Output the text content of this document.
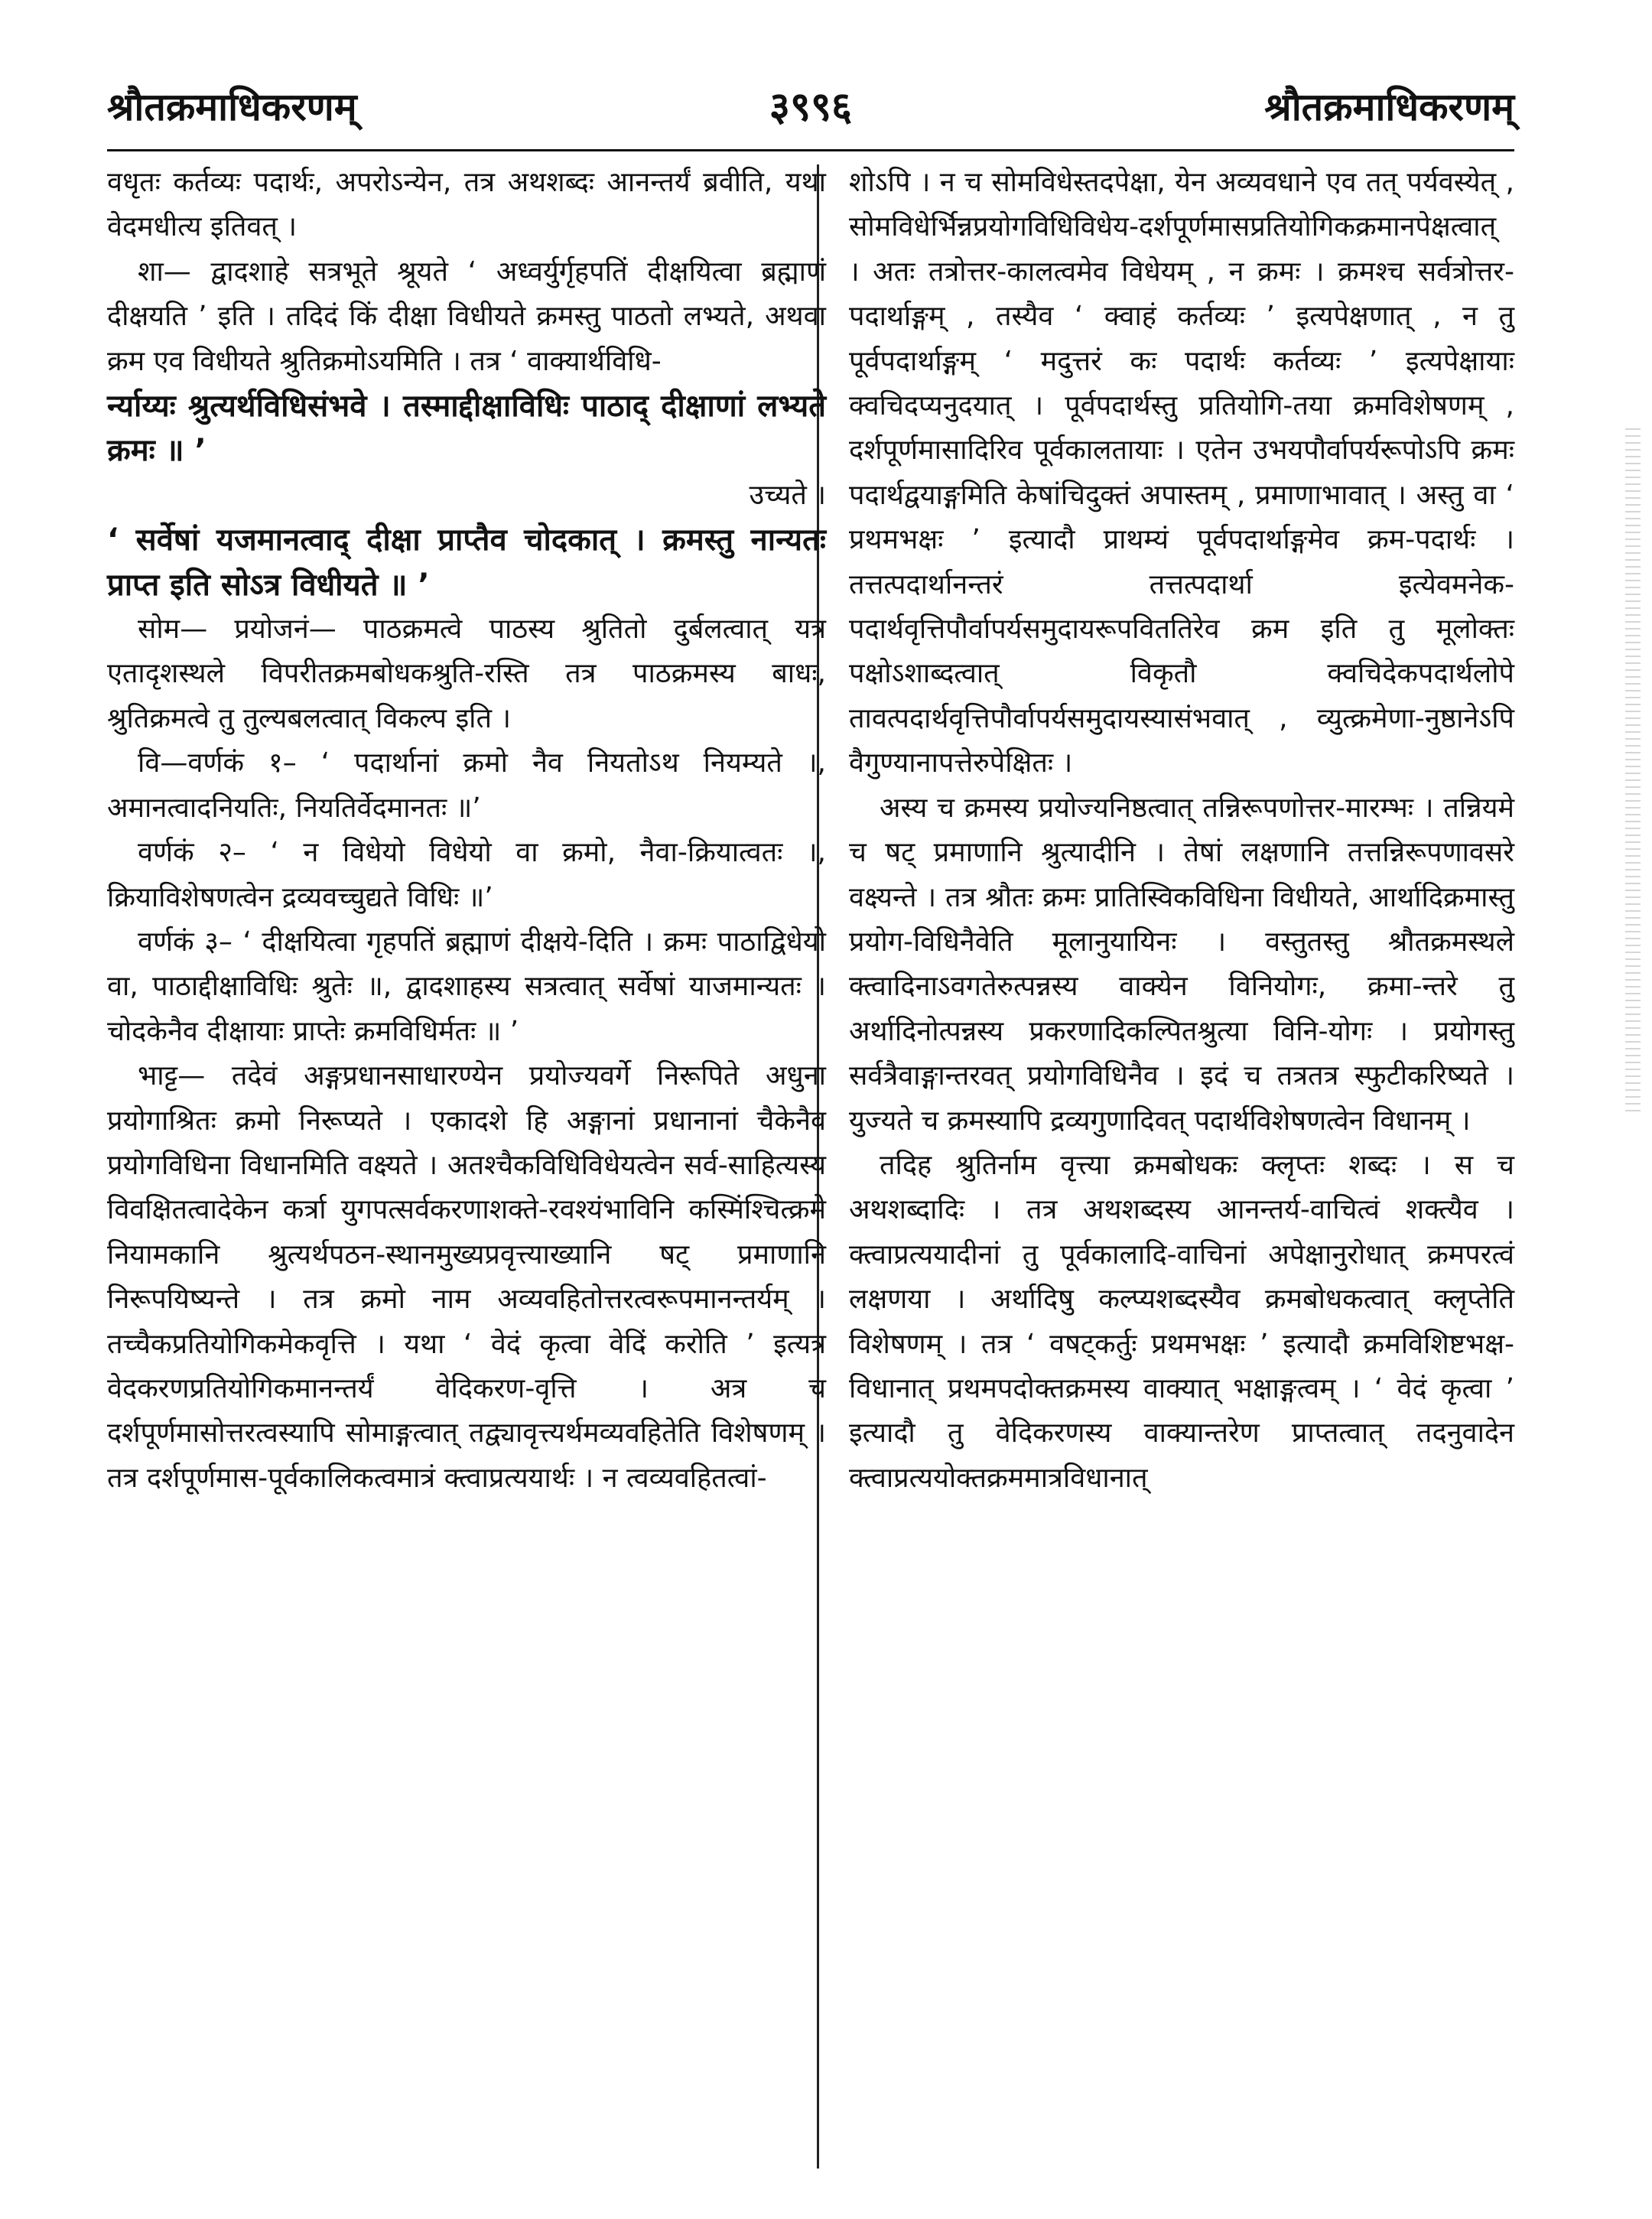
श्रौतक्रमाधिकरणम्	३९९६	श्रौतक्रमाधिकरणम्

वधृतः कर्तव्यः पदार्थः, अपरोऽन्येन, तत्र अथशब्दः आनन्तर्यं ब्रवीति, यथा वेदमधीत्य इतिवत् ।

शा— द्वादशाहे सत्रभूते श्रूयते ‘ अध्वर्युर्गृहपतिं दीक्षयित्वा ब्रह्माणं दीक्षयति ’ इति । तदिदं किं दीक्षा विधीयते क्रमस्तु पाठतो लभ्यते, अथवा क्रम एव विधीयते श्रुतिक्रमोऽयमिति । तत्र ‘ वाक्यार्थविधि-

र्न्याय्यः श्रुत्यर्थविधिसंभवे । तस्माद्दीक्षाविधिः पाठाद् दीक्षाणां लभ्यते क्रमः ॥ ’

उच्यते ।

‘ सर्वेषां यजमानत्वाद् दीक्षा प्राप्तैव चोदकात् । क्रमस्तु नान्यतः प्राप्त इति सोऽत्र विधीयते ॥ ’

सोम— प्रयोजनं— पाठक्रमत्वे पाठस्य श्रुतितो दुर्बलत्वात् यत्र एतादृशस्थले विपरीतक्रमबोधकश्रुति-रस्ति तत्र पाठक्रमस्य बाधः, श्रुतिक्रमत्वे तु तुल्यबलत्वात् विकल्प इति ।

वि—वर्णकं १– ‘ पदार्थानां क्रमो नैव नियतोऽथ नियम्यते ।, अमानत्वादनियतिः, नियतिर्वेदमानतः ॥’

वर्णकं २– ‘ न विधेयो विधेयो वा क्रमो, नैवा-क्रियात्वतः ।, क्रियाविशेषणत्वेन द्रव्यवच्चुद्यते विधिः ॥’

वर्णकं ३– ‘ दीक्षयित्वा गृहपतिं ब्रह्माणं दीक्षये-दिति । क्रमः पाठाद्विधेयो वा, पाठाद्दीक्षाविधिः श्रुतेः ॥, द्वादशाहस्य सत्रत्वात् सर्वेषां याजमान्यतः । चोदकेनैव दीक्षायाः प्राप्तेः क्रमविधिर्मतः ॥ ’

भाट्ट— तदेवं अङ्गप्रधानसाधारण्येन प्रयोज्यवर्गे निरूपिते अधुना प्रयोगाश्रितः क्रमो निरूप्यते । एकादशे हि अङ्गानां प्रधानानां चैकेनैव प्रयोगविधिना विधानमिति वक्ष्यते । अतश्चैकविधिविधेयत्वेन सर्व-साहित्यस्य विवक्षितत्वादेकेन कर्त्रा युगपत्सर्वकरणाशक्ते-रवश्यंभाविनि कस्मिंश्चित्क्रमे नियामकानि श्रुत्यर्थपठन-स्थानमुख्यप्रवृत्त्याख्यानि षट् प्रमाणानि निरूपयिष्यन्ते । तत्र क्रमो नाम अव्यवहितोत्तरत्वरूपमानन्तर्यम् । तच्चैकप्रतियोगिकमेकवृत्ति । यथा ‘ वेदं कृत्वा वेदिं करोति ’ इत्यत्र वेदकरणप्रतियोगिकमानन्तर्यं वेदिकरण-वृत्ति । अत्र च दर्शपूर्णमासोत्तरत्वस्यापि सोमाङ्गत्वात् तद्व्यावृत्त्यर्थमव्यवहितेति विशेषणम् । तत्र दर्शपूर्णमास-पूर्वकालिकत्वमात्रं क्त्वाप्रत्ययार्थः । न त्वव्यवहितत्वां-

शोऽपि । न च सोमविधेस्तदपेक्षा, येन अव्यवधाने एव तत् पर्यवस्येत् , सोमविधेर्भिन्नप्रयोगविधिविधेय-दर्शपूर्णमासप्रतियोगिकक्रमानपेक्षत्वात् । अतः तत्रोत्तर-कालत्वमेव विधेयम् , न क्रमः । क्रमश्च सर्वत्रोत्तर-पदार्थाङ्गम् , तस्यैव ‘ क्वाहं कर्तव्यः ’ इत्यपेक्षणात् , न तु पूर्वपदार्थाङ्गम् ‘ मदुत्तरं कः पदार्थः कर्तव्यः ’ इत्यपेक्षायाः क्वचिदप्यनुदयात् । पूर्वपदार्थस्तु प्रतियोगि-तया क्रमविशेषणम् , दर्शपूर्णमासादिरिव पूर्वकालतायाः । एतेन उभयपौर्वापर्यरूपोऽपि क्रमः पदार्थद्वयाङ्गमिति केषांचिदुक्तं अपास्तम् , प्रमाणाभावात् । अस्तु वा ‘ प्रथमभक्षः ’ इत्यादौ प्राथम्यं पूर्वपदार्थाङ्गमेव क्रम-पदार्थः । तत्तत्पदार्थानन्तरं तत्तत्पदार्था इत्येवमनेक-पदार्थवृत्तिपौर्वापर्यसमुदायरूपविततिरेव क्रम इति तु मूलोक्तः पक्षोऽशाब्दत्वात् विकृतौ क्वचिदेकपदार्थलोपे तावत्पदार्थवृत्तिपौर्वापर्यसमुदायस्यासंभवात् , व्युत्क्रमेणा-नुष्ठानेऽपि वैगुण्यानापत्तेरुपेक्षितः ।

अस्य च क्रमस्य प्रयोज्यनिष्ठत्वात् तन्निरूपणोत्तर-मारम्भः । तन्नियमे च षट् प्रमाणानि श्रुत्यादीनि । तेषां लक्षणानि तत्तन्निरूपणावसरे वक्ष्यन्ते । तत्र श्रौतः क्रमः प्रातिस्विकविधिना विधीयते, आर्थादिक्रमास्तु प्रयोग-विधिनैवेति मूलानुयायिनः । वस्तुतस्तु श्रौतक्रमस्थले क्त्वादिनाऽवगतेरुत्पन्नस्य वाक्येन विनियोगः, क्रमा-न्तरे तु अर्थादिनोत्पन्नस्य प्रकरणादिकल्पितश्रुत्या विनि-योगः । प्रयोगस्तु सर्वत्रैवाङ्गान्तरवत् प्रयोगविधिनैव । इदं च तत्रतत्र स्फुटीकरिष्यते । युज्यते च क्रमस्यापि द्रव्यगुणादिवत् पदार्थविशेषणत्वेन विधानम् ।

तदिह श्रुतिर्नाम वृत्त्या क्रमबोधकः क्लृप्तः शब्दः । स च अथशब्दादिः । तत्र अथशब्दस्य आनन्तर्य-वाचित्वं शक्त्यैव । क्त्वाप्रत्ययादीनां तु पूर्वकालादि-वाचिनां अपेक्षानुरोधात् क्रमपरत्वं लक्षणया । अर्थादिषु कल्प्यशब्दस्यैव क्रमबोधकत्वात् क्लृप्तेति विशेषणम् । तत्र ‘ वषट्कर्तुः प्रथमभक्षः ’ इत्यादौ क्रमविशिष्टभक्ष-विधानात् प्रथमपदोक्तक्रमस्य वाक्यात् भक्षाङ्गत्वम् । ‘ वेदं कृत्वा ’ इत्यादौ तु वेदिकरणस्य वाक्यान्तरेण प्राप्तत्वात् तदनुवादेन क्त्वाप्रत्ययोक्तक्रममात्रविधानात्
